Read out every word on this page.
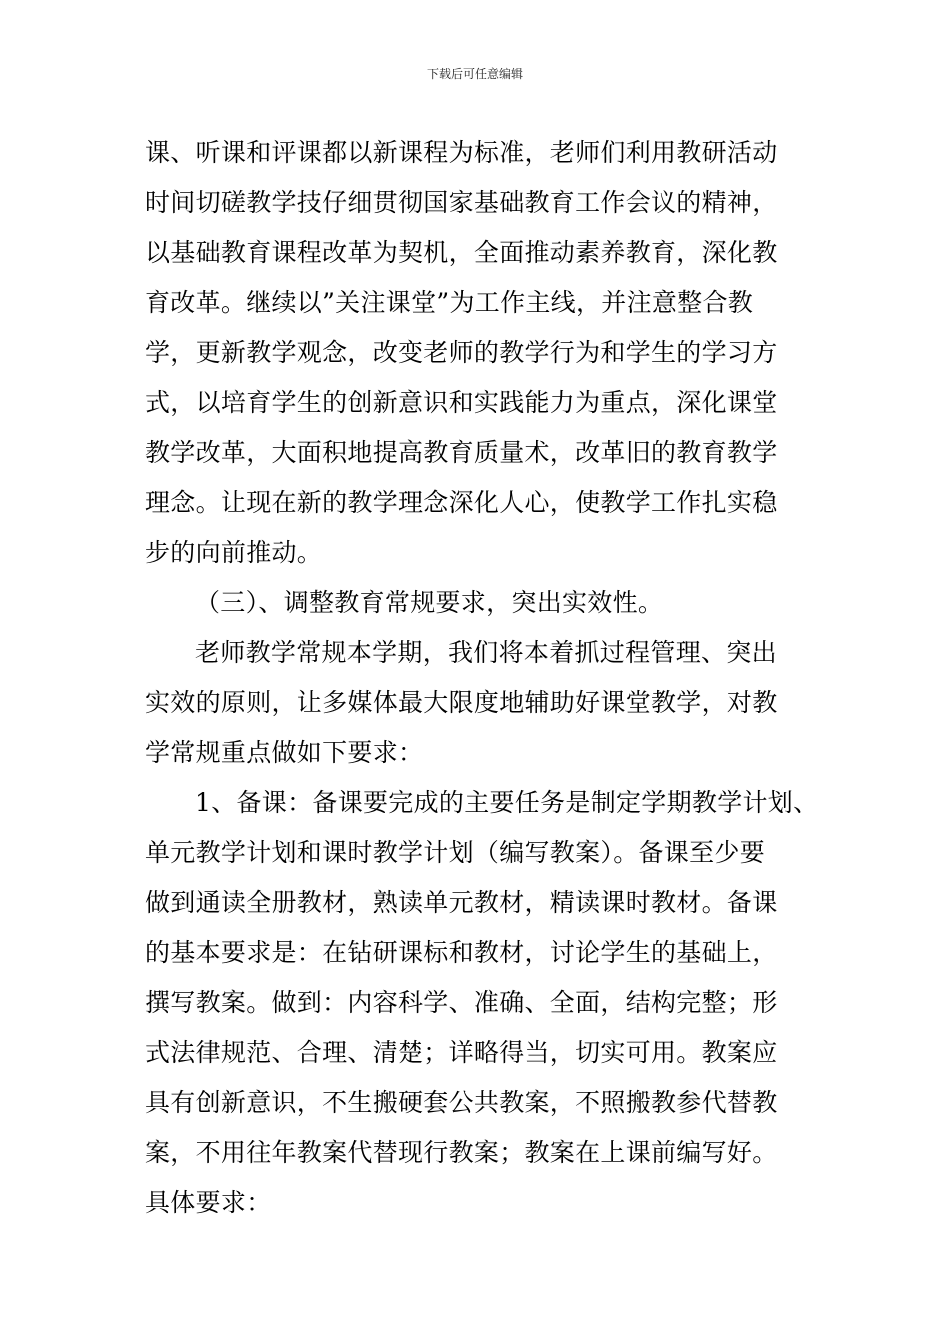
下载后可任意编辑
课、听课和评课都以新课程为标准，老师们利用教研活动
时间切磋教学技仔细贯彻国家基础教育工作会议的精神，
以基础教育课程改革为契机，全面推动素养教育，深化教
育改革。继续以”关注课堂”为工作主线，并注意整合教
学，更新教学观念，改变老师的教学行为和学生的学习方
式，以培育学生的创新意识和实践能力为重点，深化课堂
教学改革，大面积地提高教育质量术，改革旧的教育教学
理念。让现在新的教学理念深化人心，使教学工作扎实稳
步的向前推动。
（三）、调整教育常规要求，突出实效性。
老师教学常规本学期，我们将本着抓过程管理、突出
实效的原则，让多媒体最大限度地辅助好课堂教学，对教
学常规重点做如下要求：
1、备课：备课要完成的主要任务是制定学期教学计划、
单元教学计划和课时教学计划（编写教案）。备课至少要
做到通读全册教材，熟读单元教材，精读课时教材。备课
的基本要求是：在钻研课标和教材，讨论学生的基础上，
撰写教案。做到：内容科学、准确、全面，结构完整；形
式法律规范、合理、清楚；详略得当，切实可用。教案应
具有创新意识，不生搬硬套公共教案，不照搬教参代替教
案，不用往年教案代替现行教案；教案在上课前编写好。
具体要求：
